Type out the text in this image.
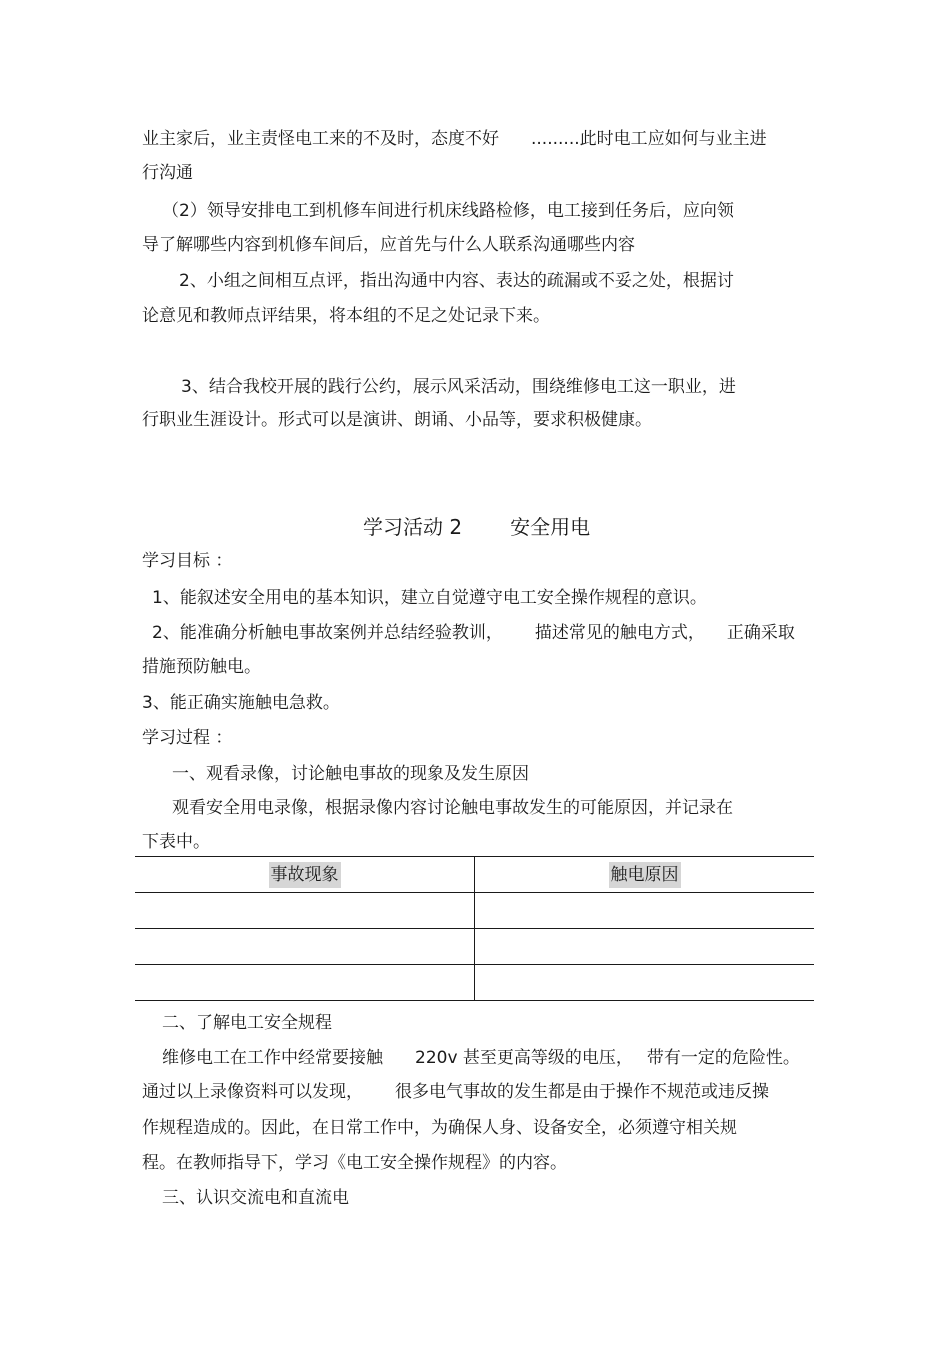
业主家后，业主责怪电工来的不及时，态度不好 .........此时电工应如何与业主进

行沟通

（2）领导安排电工到机修车间进行机床线路检修，电工接到任务后，应向领

导了解哪些内容到机修车间后，应首先与什么人联系沟通哪些内容

2、小组之间相互点评，指出沟通中内容、表达的疏漏或不妥之处，根据讨

论意见和教师点评结果，将本组的不足之处记录下来。

3、结合我校开展的践行公约，展示风采活动，围绕维修电工这一职业，进

行职业生涯设计。形式可以是演讲、朗诵、小品等，要求积极健康。

学习活动 2 安全用电

学习目标 ：

1、能叙述安全用电的基本知识，建立自觉遵守电工安全操作规程的意识。

2、能准确分析触电事故案例并总结经验教训， 描述常见的触电方式， 正确采取

措施预防触电。

3、能正确实施触电急救。

学习过程 ：

一、观看录像，讨论触电事故的现象及发生原因

观看安全用电录像，根据录像内容讨论触电事故发生的可能原因，并记录在

下表中。

事故现象	触电原因

二、了解电工安全规程

维修电工在工作中经常要接触 220v 甚至更高等级的电压， 带有一定的危险性。

通过以上录像资料可以发现， 很多电气事故的发生都是由于操作不规范或违反操

作规程造成的。因此，在日常工作中，为确保人身、设备安全，必须遵守相关规

程。在教师指导下，学习《电工安全操作规程》的内容。

三、认识交流电和直流电
